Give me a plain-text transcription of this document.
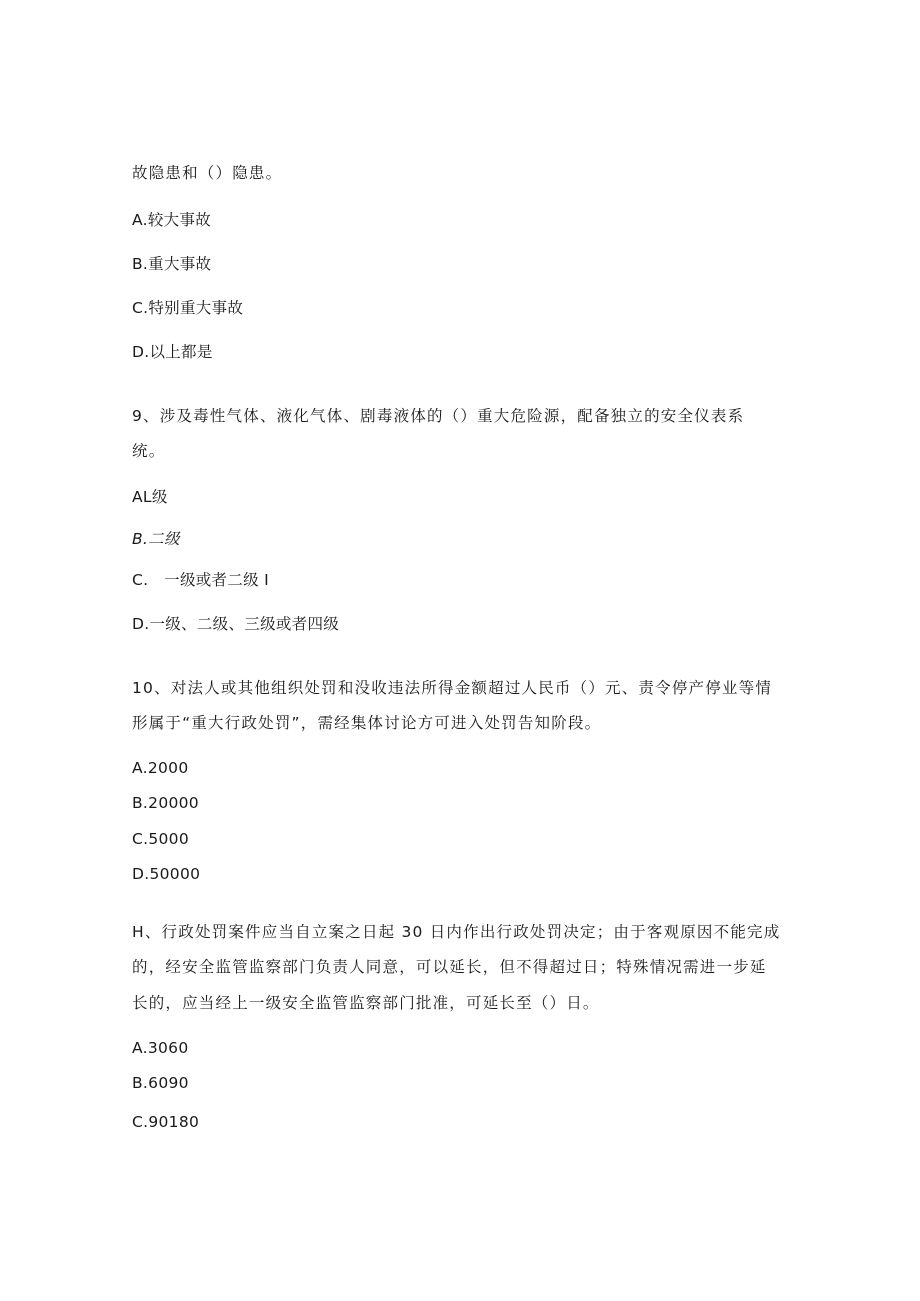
故隐患和（）隐患。
A.较大事故
B.重大事故
C.特别重大事故
D.以上都是
9、涉及毒性气体、液化气体、剧毒液体的（）重大危险源，配备独立的安全仪表系
统。
AL级
B.二级
C.　一级或者二级 I
D.一级、二级、三级或者四级
10、对法人或其他组织处罚和没收违法所得金额超过人民币（）元、责令停产停业等情
形属于“重大行政处罚”，需经集体讨论方可进入处罚告知阶段。
A.2000
B.20000
C.5000
D.50000
H、行政处罚案件应当自立案之日起 30 日内作出行政处罚决定；由于客观原因不能完成
的，经安全监管监察部门负责人同意，可以延长，但不得超过日；特殊情况需进一步延
长的，应当经上一级安全监管监察部门批准，可延长至（）日。
A.3060
B.6090
C.90180
